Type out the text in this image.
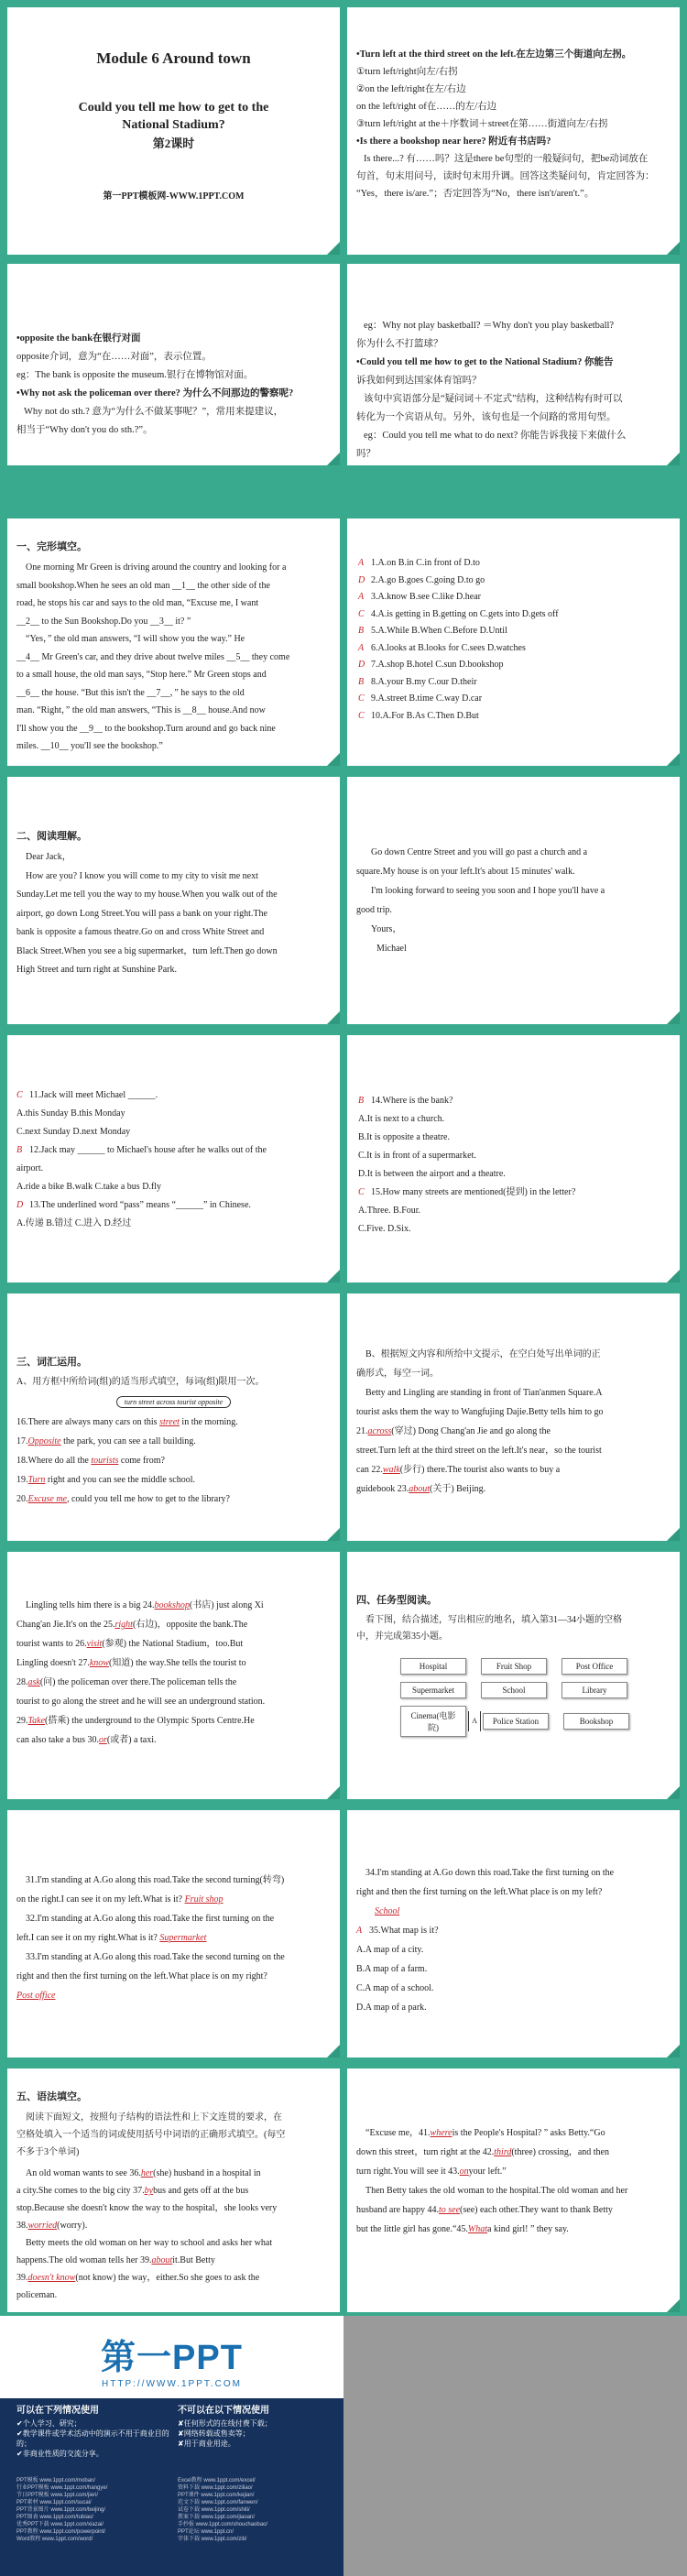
Module 6 Around town
Could you tell me how to get to the
National Stadium?
第2课时
第一PPT模板网-WWW.1PPT.COM
•Turn left at the third street on the left.在左边第三个街道向左拐。
①turn left/right向左/右拐
②on the left/right在左/右边
on the left/right of在……的左/右边
③turn left/right at the＋序数词＋street在第……街道向左/右拐
•Is there a bookshop near here? 附近有书店吗?
Is there...? 有……吗？这是there be句型的一般疑问句，把be动词放在
句首，句末用问号，读时句末用升调。回答这类疑问句，肯定回答为：
“Yes，there is/are.”；否定回答为“No，there isn't/aren't.”。
•opposite the bank在银行对面
opposite介词，意为“在……对面”，表示位置。
eg：The bank is opposite the museum.银行在博物馆对面。
•Why not ask the policeman over there? 为什么不问那边的警察呢?
Why not do sth.? 意为“为什么不做某事呢？”，常用来提建议，
相当于“Why don't you do sth.?”。
eg：Why not play basketball? ＝Why don't you play basketball?
你为什么不打篮球？
•Could you tell me how to get to the National Stadium? 你能告
诉我如何到达国家体育馆吗？
该句中宾语部分是“疑问词＋不定式”结构，这种结构有时可以
转化为一个宾语从句。另外，该句也是一个问路的常用句型。
eg：Could you tell me what to do next? 你能告诉我接下来做什么
吗？
一、完形填空。
One morning Mr Green is driving around the country and looking for a
small bookshop.When he sees an old man __1__ the other side of the
road, he stops his car and says to the old man, “Excuse me, I want
__2__ to the Sun Bookshop.Do you __3__ it? ”
“Yes，” the old man answers, “I will show you the way.” He
__4__ Mr Green's car, and they drive about twelve miles __5__ they come
to a small house, the old man says, “Stop here.” Mr Green stops and
__6__ the house. “But this isn't the __7__，” he says to the old
man. “Right，” the old man answers, “This is __8__ house.And now
I'll show you the __9__ to the bookshop.Turn around and go back nine
miles. __10__ you'll see the bookshop.”
A 1.A.on B.in C.in front of D.to
D 2.A.go B.goes C.going D.to go
A 3.A.know B.see C.like D.hear
C 4.A.is getting in B.getting on C.gets into D.gets off
B 5.A.While B.When C.Before D.Until
A 6.A.looks at B.looks for C.sees D.watches
D 7.A.shop B.hotel C.sun D.bookshop
B 8.A.your B.my C.our D.their
C 9.A.street B.time C.way D.car
C 10.A.For B.As C.Then D.But
二、阅读理解。
Dear Jack，
How are you? I know you will come to my city to visit me next
Sunday.Let me tell you the way to my house.When you walk out of the
airport, go down Long Street.You will pass a bank on your right.The
bank is opposite a famous theatre.Go on and cross White Street and
Black Street.When you see a big supermarket，turn left.Then go down
High Street and turn right at Sunshine Park.
Go down Centre Street and you will go past a church and a
square.My house is on your left.It's about 15 minutes' walk.
I'm looking forward to seeing you soon and I hope you'll have a
good trip.
Yours，
Michael
C 11.Jack will meet Michael ______.
A.this Sunday B.this Monday
C.next Sunday D.next Monday
B 12.Jack may ______ to Michael's house after he walks out of the
airport.
A.ride a bike B.walk C.take a bus D.fly
D 13.The underlined word “pass” means “______” in Chinese.
A.传递 B.错过 C.进入 D.经过
B 14.Where is the bank?
A.It is next to a church.
B.It is opposite a theatre.
C.It is in front of a supermarket.
D.It is between the airport and a theatre.
C 15.How many streets are mentioned(提到) in the letter?
A.Three. B.Four.
C.Five. D.Six.
三、词汇运用。
A、用方框中所给词(组)的适当形式填空，每词(组)限用一次。
turn street across tourist opposite
16.There are always many cars on this street in the morning.
17.Opposite the park, you can see a tall building.
18.Where do all the tourists come from?
19.Turn right and you can see the middle school.
20.Excuse me, could you tell me how to get to the library?
B、根据短文内容和所给中文提示，在空白处写出单词的正
确形式，每空一词。
Betty and Lingling are standing in front of Tian'anmen Square.A
tourist asks them the way to Wangfujing Dajie.Betty tells him to go
21.across(穿过) Dong Chang'an Jie and go along the
street.Turn left at the third street on the left.It's near，so the tourist
can 22.walk(步行) there.The tourist also wants to buy a
guidebook 23.about(关于) Beijing.
Lingling tells him there is a big 24.bookshop(书店) just along Xi
Chang'an Jie.It's on the 25.right(右边)，opposite the bank.The
tourist wants to 26.visit(参观) the National Stadium，too.But
Lingling doesn't 27.know(知道) the way.She tells the tourist to
28.ask(问) the policeman over there.The policeman tells the
tourist to go along the street and he will see an underground station.
29.Take(搭乘) the underground to the Olympic Sports Centre.He
can also take a bus 30.or(或者) a taxi.
四、任务型阅读。
看下图，结合描述，写出相应的地名，填入第31—34小题的空格
中，并完成第35小题。
Hospital	Fruit Shop	Post Office
Supermarket	School	Library
Cinema(电影院)
A	Police Station	Bookshop
31.I'm standing at A.Go along this road.Take the second turning(转弯)
on the right.I can see it on my left.What is it? Fruit shop
32.I'm standing at A.Go along this road.Take the first turning on the
left.I can see it on my right.What is it? Supermarket
33.I'm standing at A.Go along this road.Take the second turning on the
right and then the first turning on the left.What place is on my right?
Post office
34.I'm standing at A.Go down this road.Take the first turning on the
right and then the first turning on the left.What place is on my left?
School
A 35.What map is it?
A.A map of a city.
B.A map of a farm.
C.A map of a school.
D.A map of a park.
五、语法填空。
阅读下面短文，按照句子结构的语法性和上下文连贯的要求，在
空格处填入一个适当的词或使用括号中词语的正确形式填空。(每空
不多于3个单词)
An old woman wants to see 36.her(she) husband in a hospital in
a city.She comes to the big city 37.bybus and gets off at the bus
stop.Because she doesn't know the way to the hospital，she looks very
38.worried(worry).
Betty meets the old woman on her way to school and asks her what
happens.The old woman tells her 39.aboutit.But Betty
39.doesn't know(not know) the way，either.So she goes to ask the
policeman.
“Excuse me，41.whereis the People's Hospital? ” asks Betty.“Go
down this street，turn right at the 42.third(three) crossing，and then
turn right.You will see it 43.onyour left.”
Then Betty takes the old woman to the hospital.The old woman and her
husband are happy 44.to see(see) each other.They want to thank Betty
but the little girl has gone.“45.Whata kind girl! ” they say.
第一PPT
HTTP://WWW.1PPT.COM
可以在下列情况使用
✔个人学习、研究；
✔教学课件或学术活动中的演示不用于商业目的的；
✔非商业性质的交流分享。
不可以在以下情况使用
✘任何形式的在线付费下载；
✘网络转载或售卖等；
✘用于商业用途。
PPT模板 www.1ppt.com/moban/
行业PPT模板 www.1ppt.com/hangye/
节日PPT模板 www.1ppt.com/jieri/
PPT素材 www.1ppt.com/sucai/
PPT背景图片 www.1ppt.com/beijing/
PPT图表 www.1ppt.com/tubiao/
优秀PPT下载 www.1ppt.com/xiazai/
PPT教程 www.1ppt.com/powerpoint/
Word教程 www.1ppt.com/word/
Excel教程 www.1ppt.com/excel/
资料下载 www.1ppt.com/ziliao/
PPT课件 www.1ppt.com/kejian/
范文下载 www.1ppt.com/fanwen/
试卷下载 www.1ppt.com/shiti/
教案下载 www.1ppt.com/jiaoan/
手抄报 www.1ppt.com/shouchaobao/
PPT论坛 www.1ppt.cn/
字体下载 www.1ppt.com/ziti/
